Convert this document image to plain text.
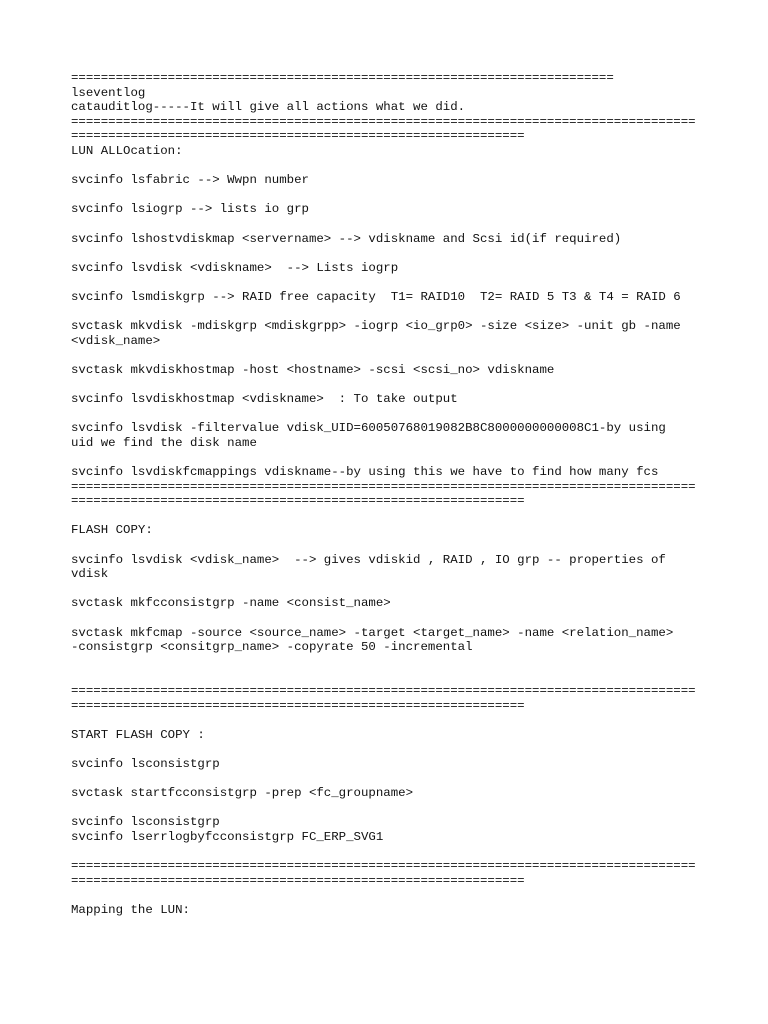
=========================================================================
lseventlog
catauditlog-----It will give all actions what we did.
====================================================================================
=============================================================
LUN ALLOcation:
svcinfo lsfabric --> Wwpn number
svcinfo lsiogrp --> lists io grp
svcinfo lshostvdiskmap <servername> --> vdiskname and Scsi id(if required)
svcinfo lsvdisk <vdiskname>  --> Lists iogrp
svcinfo lsmdiskgrp --> RAID free capacity  T1= RAID10  T2= RAID 5 T3 & T4 = RAID 6
svctask mkvdisk -mdiskgrp <mdiskgrpp> -iogrp <io_grp0> -size <size> -unit gb -name
<vdisk_name>
svctask mkvdiskhostmap -host <hostname> -scsi <scsi_no> vdiskname
svcinfo lsvdiskhostmap <vdiskname>  : To take output
svcinfo lsvdisk -filtervalue vdisk_UID=60050768019082B8C8000000000008C1-by using
uid we find the disk name
svcinfo lsvdiskfcmappings vdiskname--by using this we have to find how many fcs
====================================================================================
=============================================================
FLASH COPY:
svcinfo lsvdisk <vdisk_name>  --> gives vdiskid , RAID , IO grp -- properties of
vdisk
svctask mkfcconsistgrp -name <consist_name>
svctask mkfcmap -source <source_name> -target <target_name> -name <relation_name>
-consistgrp <consitgrp_name> -copyrate 50 -incremental
====================================================================================
=============================================================
START FLASH COPY :
svcinfo lsconsistgrp
svctask startfcconsistgrp -prep <fc_groupname>
svcinfo lsconsistgrp
svcinfo lserrlogbyfcconsistgrp FC_ERP_SVG1
====================================================================================
=============================================================
Mapping the LUN:
